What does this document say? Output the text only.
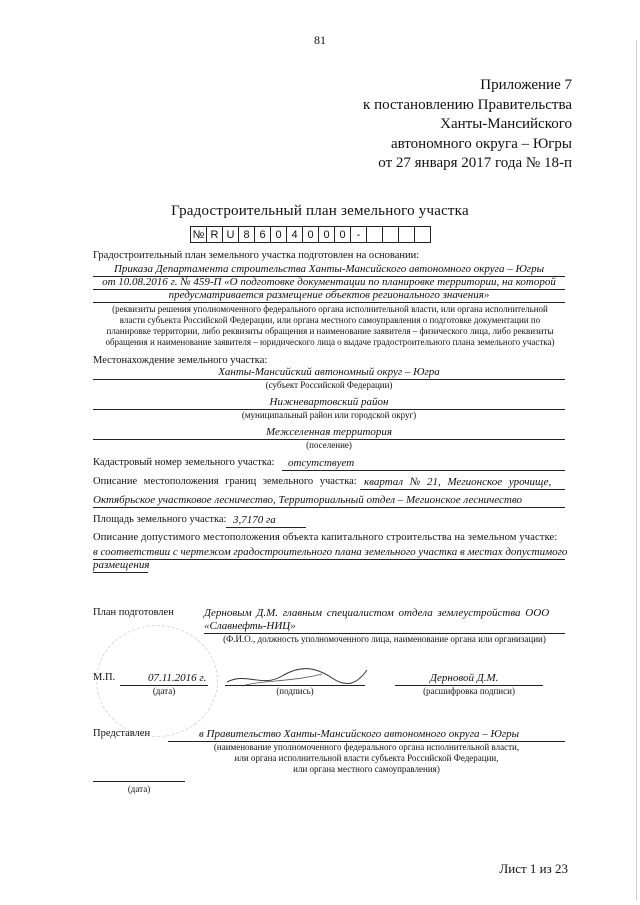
81
Приложение 7
к постановлению Правительства
Ханты-Мансийского
автономного округа – Югры
от 27 января 2017 года № 18-п
Градостроительный план земельного участка
№ R U 8 6 0 4 0 0 0	-
Градостроительный план земельного участка подготовлен на основании:
Приказа Департамента строительства Ханты-Мансийского автономного округа – Югры
от 10.08.2016 г. № 459-П «О подготовке документации по планировке территории, на которой
предусматривается размещение объектов регионального значения»
(реквизиты решения уполномоченного федерального органа исполнительной власти, или органа исполнительной
власти субъекта Российской Федерации, или органа местного самоуправления о подготовке документации по
планировке территории, либо реквизиты обращения и наименование заявителя – физического лица, либо реквизиты
обращения и наименование заявителя – юридического лица о выдаче градостроительного плана земельного участка)
Местонахождение земельного участка:
Ханты-Мансийский автономный округ – Югра
(субъект Российской Федерации)
Нижневартовский район
(муниципальный район или городской округ)
Межселенная территория
(поселение)
Кадастровый номер земельного участка: отсутствует
Описание местоположения границ земельного участка: квартал № 21, Мегионское урочище,
Октябрьское участковое лесничество, Территориальный отдел – Мегионское лесничество
Площадь земельного участка: 3,7170 га
Описание допустимого местоположения объекта капитального строительства на земельном участке:
в соответствии с чертежом градостроительного плана земельного участка в местах допустимого
размещения
План подготовлен	Дерновым Д.М. главным специалистом отдела землеустройства ООО
«Славнефть-НИЦ»
(Ф.И.О., должность уполномоченного лица, наименование органа или организации)
М.П.	07.11.2016 г.
(дата)	(подпись)
Дерновой Д.М.
(расшифровка подписи)
Представлен	в Правительство Ханты-Мансийского автономного округа – Югры
(наименование уполномоченного федерального органа исполнительной власти,
или органа исполнительной власти субъекта Российской Федерации,
или органа местного самоуправления)
(дата)
Лист 1 из 23
